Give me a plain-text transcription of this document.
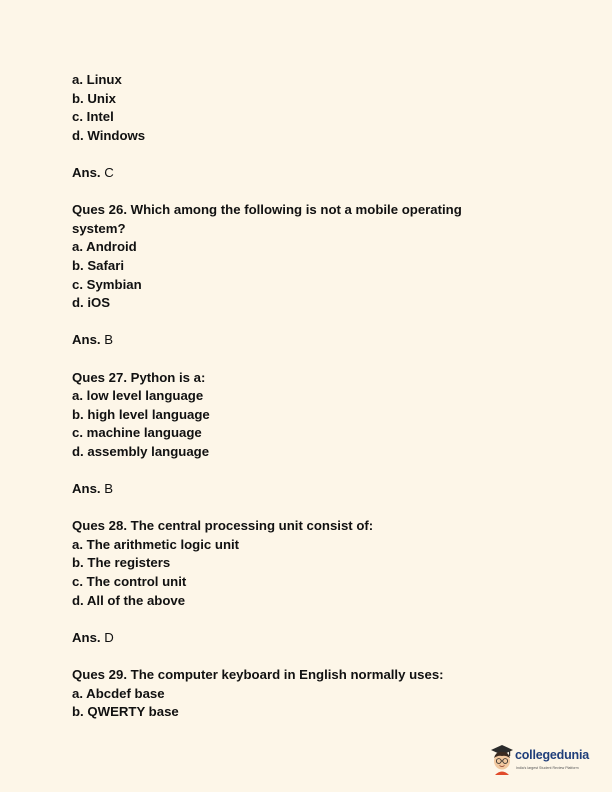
a. Linux

b. Unix

c. Intel

d. Windows

Ans. C

Ques 26. Which among the following is not a mobile operating system?

a. Android

b. Safari

c. Symbian

d. iOS

Ans. B

Ques 27. Python is a:

a. low level language

b. high level language

c. machine language

d. assembly language

Ans. B

Ques 28. The central processing unit consist of:

a. The arithmetic logic unit

b. The registers

c. The control unit

d. All of the above

Ans. D

Ques 29. The computer keyboard in English normally uses:

a. Abcdef base

b. QWERTY base

collegedunia
India's largest Student Review Platform
